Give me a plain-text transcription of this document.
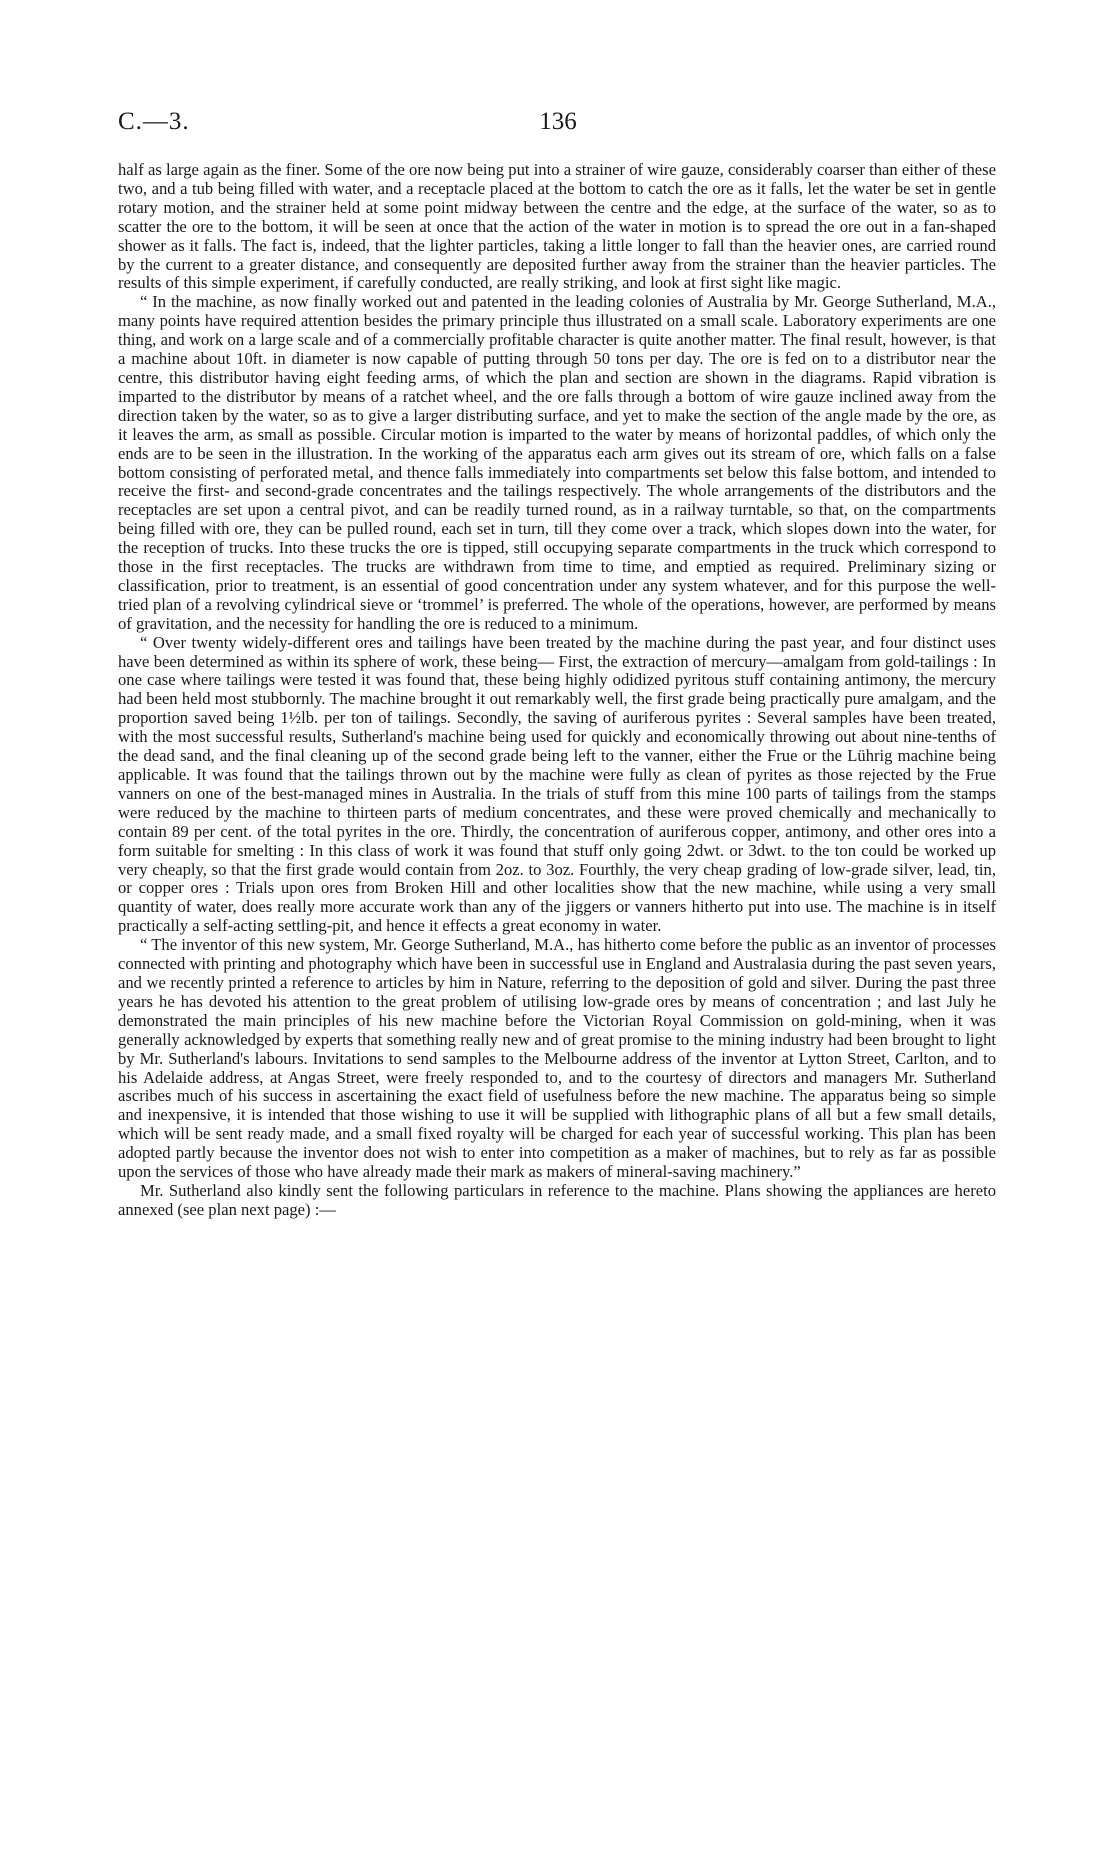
C.—3.	136

half as large again as the finer. Some of the ore now being put into a strainer of wire gauze, considerably coarser than either of these two, and a tub being filled with water, and a receptacle placed at the bottom to catch the ore as it falls, let the water be set in gentle rotary motion, and the strainer held at some point midway between the centre and the edge, at the surface of the water, so as to scatter the ore to the bottom, it will be seen at once that the action of the water in motion is to spread the ore out in a fan-shaped shower as it falls. The fact is, indeed, that the lighter particles, taking a little longer to fall than the heavier ones, are carried round by the current to a greater distance, and consequently are deposited further away from the strainer than the heavier particles. The results of this simple experiment, if carefully conducted, are really striking, and look at first sight like magic.

“ In the machine, as now finally worked out and patented in the leading colonies of Australia by Mr. George Sutherland, M.A., many points have required attention besides the primary principle thus illustrated on a small scale. Laboratory experiments are one thing, and work on a large scale and of a commercially profitable character is quite another matter. The final result, however, is that a machine about 10ft. in diameter is now capable of putting through 50 tons per day. The ore is fed on to a distributor near the centre, this distributor having eight feeding arms, of which the plan and section are shown in the diagrams. Rapid vibration is imparted to the distributor by means of a ratchet wheel, and the ore falls through a bottom of wire gauze inclined away from the direction taken by the water, so as to give a larger distributing surface, and yet to make the section of the angle made by the ore, as it leaves the arm, as small as possible. Circular motion is imparted to the water by means of horizontal paddles, of which only the ends are to be seen in the illustration. In the working of the apparatus each arm gives out its stream of ore, which falls on a false bottom consisting of perforated metal, and thence falls immediately into compartments set below this false bottom, and intended to receive the first- and second-grade concentrates and the tailings respectively. The whole arrangements of the distributors and the receptacles are set upon a central pivot, and can be readily turned round, as in a railway turntable, so that, on the compartments being filled with ore, they can be pulled round, each set in turn, till they come over a track, which slopes down into the water, for the reception of trucks. Into these trucks the ore is tipped, still occupying separate compartments in the truck which correspond to those in the first receptacles. The trucks are withdrawn from time to time, and emptied as required. Preliminary sizing or classification, prior to treatment, is an essential of good concentration under any system whatever, and for this purpose the well-tried plan of a revolving cylindrical sieve or ‘trommel’ is preferred. The whole of the operations, however, are performed by means of gravitation, and the necessity for handling the ore is reduced to a minimum.

“ Over twenty widely-different ores and tailings have been treated by the machine during the past year, and four distinct uses have been determined as within its sphere of work, these being— First, the extraction of mercury—amalgam from gold-tailings : In one case where tailings were tested it was found that, these being highly odidized pyritous stuff containing antimony, the mercury had been held most stubbornly. The machine brought it out remarkably well, the first grade being practically pure amalgam, and the proportion saved being 1½lb. per ton of tailings. Secondly, the saving of auriferous pyrites : Several samples have been treated, with the most successful results, Sutherland's machine being used for quickly and economically throwing out about nine-tenths of the dead sand, and the final cleaning up of the second grade being left to the vanner, either the Frue or the Lührig machine being applicable. It was found that the tailings thrown out by the machine were fully as clean of pyrites as those rejected by the Frue vanners on one of the best-managed mines in Australia. In the trials of stuff from this mine 100 parts of tailings from the stamps were reduced by the machine to thirteen parts of medium concentrates, and these were proved chemically and mechanically to contain 89 per cent. of the total pyrites in the ore. Thirdly, the concentration of auriferous copper, antimony, and other ores into a form suitable for smelting : In this class of work it was found that stuff only going 2dwt. or 3dwt. to the ton could be worked up very cheaply, so that the first grade would contain from 2oz. to 3oz. Fourthly, the very cheap grading of low-grade silver, lead, tin, or copper ores : Trials upon ores from Broken Hill and other localities show that the new machine, while using a very small quantity of water, does really more accurate work than any of the jiggers or vanners hitherto put into use. The machine is in itself practically a self-acting settling-pit, and hence it effects a great economy in water.

“ The inventor of this new system, Mr. George Sutherland, M.A., has hitherto come before the public as an inventor of processes connected with printing and photography which have been in successful use in England and Australasia during the past seven years, and we recently printed a reference to articles by him in Nature, referring to the deposition of gold and silver. During the past three years he has devoted his attention to the great problem of utilising low-grade ores by means of concentration ; and last July he demonstrated the main principles of his new machine before the Victorian Royal Commission on gold-mining, when it was generally acknowledged by experts that something really new and of great promise to the mining industry had been brought to light by Mr. Sutherland's labours. Invitations to send samples to the Melbourne address of the inventor at Lytton Street, Carlton, and to his Adelaide address, at Angas Street, were freely responded to, and to the courtesy of directors and managers Mr. Sutherland ascribes much of his success in ascertaining the exact field of usefulness before the new machine. The apparatus being so simple and inexpensive, it is intended that those wishing to use it will be supplied with lithographic plans of all but a few small details, which will be sent ready made, and a small fixed royalty will be charged for each year of successful working. This plan has been adopted partly because the inventor does not wish to enter into competition as a maker of machines, but to rely as far as possible upon the services of those who have already made their mark as makers of mineral-saving machinery.”

Mr. Sutherland also kindly sent the following particulars in reference to the machine. Plans showing the appliances are hereto annexed (see plan next page) :—
